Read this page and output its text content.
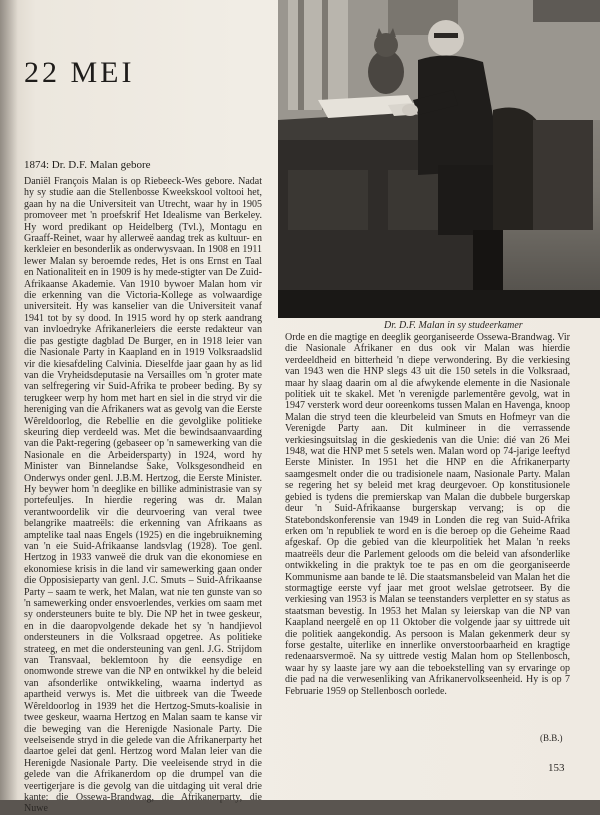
22 MEI
Dr. D.F. Malan in sy studeerkamer
1874: Dr. D.F. Malan gebore

Daniël François Malan is op Riebeeck-Wes gebore. Nadat hy sy studie aan die Stellenbosse Kweekskool voltooi het, gaan hy na die Universiteit van Utrecht, waar hy in 1905 promoveer met 'n proefskrif Het Idealisme van Berkeley. Hy word predikant op Heidelberg (Tvl.), Montagu en Graaff-Reinet, waar hy allerweë aandag trek as kultuur- en kerkleier en besonderlik as onderwysvaan. In 1908 en 1911 lewer Malan sy beroemde redes, Het is ons Ernst en Taal en Nationaliteit en in 1909 is hy mede-stigter van De Zuid-Afrikaanse Akademie. Van 1910 bywoer Malan hom vir die erkenning van die Victoria-Kollege as volwaardige universiteit. Hy was kanselier van die Universiteit vanaf 1941 tot by sy dood. In 1915 word hy op sterk aandrang van invloedryke Afrikanerleiers die eerste redakteur van die pas gestigte dagblad De Burger, en in 1918 leier van die Nasionale Party in Kaapland en in 1919 Volksraadslid vir die kiesafdeling Calvinia. Dieselfde jaar gaan hy as lid van die Vryheidsdeputasie na Versailles om 'n groter mate van selfregering vir Suid-Afrika te probeer beding. By sy terugkeer werp hy hom met hart en siel in die stryd vir die hereniging van die Afrikaners wat as gevolg van die Eerste Wêreldoorlog, die Rebellie en die gevolglike politieke skeuring diep verdeeld was. Met die bewindsaanvaarding van die Pakt-regering (gebaseer op 'n samewerking van die Nasionale en die Arbeidersparty) in 1924, word hy Minister van Binnelandse Sake, Volksgesondheid en Onderwys onder genl. J.B.M. Hertzog, die Eerste Minister. Hy beywer hom 'n deeglike en billike administrasie van sy portefeuljes. In hierdie regering was dr. Malan verantwoordelik vir die deurvoering van veral twee belangrike maatreëls: die erkenning van Afrikaans as amptelike taal naas Engels (1925) en die ingebruikneming van 'n eie Suid-Afrikaanse landsvlag (1928). Toe genl. Hertzog in 1933 vanweë die druk van die ekonomiese en ekonomiese krisis in die land vir samewerking gaan onder die Opposisieparty van genl. J.C. Smuts – Suid-Afrikaanse Party – saam te werk, het Malan, wat nie ten gunste van so 'n samewerking onder ensvoerlendes, verkies om saam met sy ondersteuners buite te bly. Die NP het in twee geskeur, en in die daaropvolgende dekade het sy 'n handjievol ondersteuners in die Volksraad opgetree. As politieke strateeg, en met die ondersteuning van genl. J.G. Strijdom van Transvaal, beklemtoon hy die eensydige en onomwonde strewe van die NP en ontwikkel hy die beleid van afsonderlike ontwikkeling, waarna indertyd as apartheid verwys is. Met die uitbreek van die Tweede Wêreldoorlog in 1939 het die Hertzog-Smuts-koalisie in twee geskeur, waarna Hertzog en Malan saam te kanse vir die beweging van die Herenigde Nasionale Party. Die veelseisende stryd in die gelede van die Afrikanerparty het daartoe gelei dat genl. Hertzog word Malan leier van die Herenigde Nasionale Party. Die veeleisende stryd in die gelede van die Afrikanerdom op die drumpel van die veertigerjare is die gevolg van die uitdaging uit veral drie kante: die Ossewa-Brandwag, die Afrikanerparty, die Nuwe

Orde en die magtige en deeglik georganiseerde Ossewa-Brandwag. Vir die Nasionale Afrikaner en dus ook vir Malan was hierdie verdeeldheid en bitterheid 'n diepe verwondering. By die verkiesing van 1943 wen die HNP slegs 43 uit die 150 setels in die Volksraad, maar hy slaag daarin om al die afwykende elemente in die Nasionale politiek uit te skakel. Met 'n verenigde parlementêre gevolg, wat in 1947 versterk word deur ooreenkoms tussen Malan en Havenga, knoop Malan die stryd teen die kleurbeleid van Smuts en Hofmeyr van die Verenigde Party aan. Dit kulmineer in die verrassende verkiesingsuitslag in die geskiedenis van die Unie: dié van 26 Mei 1948, wat die HNP met 5 setels wen. Malan word op 74-jarige leeftyd Eerste Minister. In 1951 het die HNP en die Afrikanerparty saamgesmelt onder die ou tradisionele naam, Nasionale Party. Malan se regering het sy beleid met krag deurgevoer. Op konstitusionele gebied is tydens die premierskap van Malan die dubbele burgerskap deur 'n Suid-Afrikaanse burgerskap vervang; is op die Statebondskonferensie van 1949 in Londen die reg van Suid-Afrika erken om 'n republiek te word en is die beroep op die Geheime Raad afgeskaf. Op die gebied van die kleurpolitiek het Malan 'n reeks maatreëls deur die Parlement geloods om die beleid van afsonderlike ontwikkeling in die praktyk toe te pas en om die georganiseerde Kommunisme aan bande te lê. Die staatsmansbeleid van Malan het die stormagtige eerste vyf jaar met groot welslae getrotseer. By die verkiesing van 1953 is Malan se teenstanders verpletter en sy status as staatsman bevestig. In 1953 het Malan sy leierskap van die NP van Kaapland neergelê en op 11 Oktober die volgende jaar sy uittrede uit die politiek aangekondig. As persoon is Malan gekenmerk deur sy forse gestalte, uiterlike en innerlike onverstoorbaarheid en kragtige redenaarsvermoë. Na sy uittrede vestig Malan hom op Stellenbosch, waar hy sy laaste jare wy aan die teboekstelling van sy ervaringe op die pad na die verwesenliking van Afrikanervolkseenheid. Hy is op 7 Februarie 1959 op Stellenbosch oorlede.

(B.B.)
153
